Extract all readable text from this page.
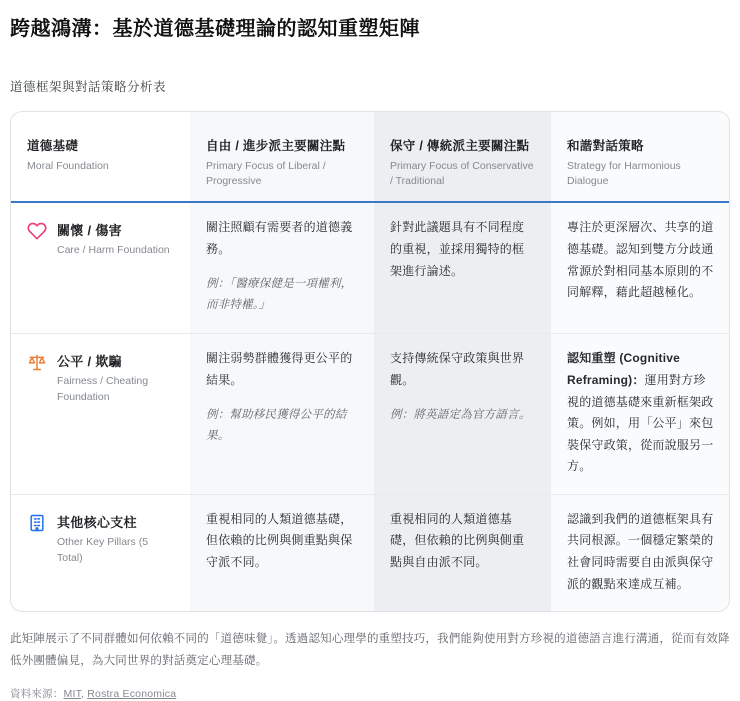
跨越鴻溝：基於道德基礎理論的認知重塑矩陣
道德框架與對話策略分析表
道德基礎
Moral Foundation
自由 / 進步派主要關注點
Primary Focus of Liberal / Progressive
保守 / 傳統派主要關注點
Primary Focus of Conservative / Traditional
和諧對話策略
Strategy for Harmonious Dialogue
關懷 / 傷害
Care / Harm Foundation

關注照顧有需要者的道德義務。

例：「醫療保健是一項權利，而非特權。」

針對此議題具有不同程度的重視，並採用獨特的框架進行論述。

專注於更深層次、共享的道德基礎。認知到雙方分歧通常源於對相同基本原則的不同解釋，藉此超越極化。

公平 / 欺騙
Fairness / Cheating Foundation

關注弱勢群體獲得更公平的結果。

例：幫助移民獲得公平的結果。

支持傳統保守政策與世界觀。

例：將英語定為官方語言。

認知重塑 (Cognitive Reframing)：運用對方珍視的道德基礎來重新框架政策。例如，用「公平」來包裝保守政策，從而說服另一方。

其他核心支柱
Other Key Pillars (5 Total)

重視相同的人類道德基礎，但依賴的比例與側重點與保守派不同。

重視相同的人類道德基礎，但依賴的比例與側重點與自由派不同。

認識到我們的道德框架具有共同根源。一個穩定繁榮的社會同時需要自由派與保守派的觀點來達成互補。

此矩陣展示了不同群體如何依賴不同的「道德味覺」。透過認知心理學的重塑技巧，我們能夠使用對方珍視的道德語言進行溝通，從而有效降低外團體偏見，為大同世界的對話奠定心理基礎。

資料來源：MIT, Rostra Economica
